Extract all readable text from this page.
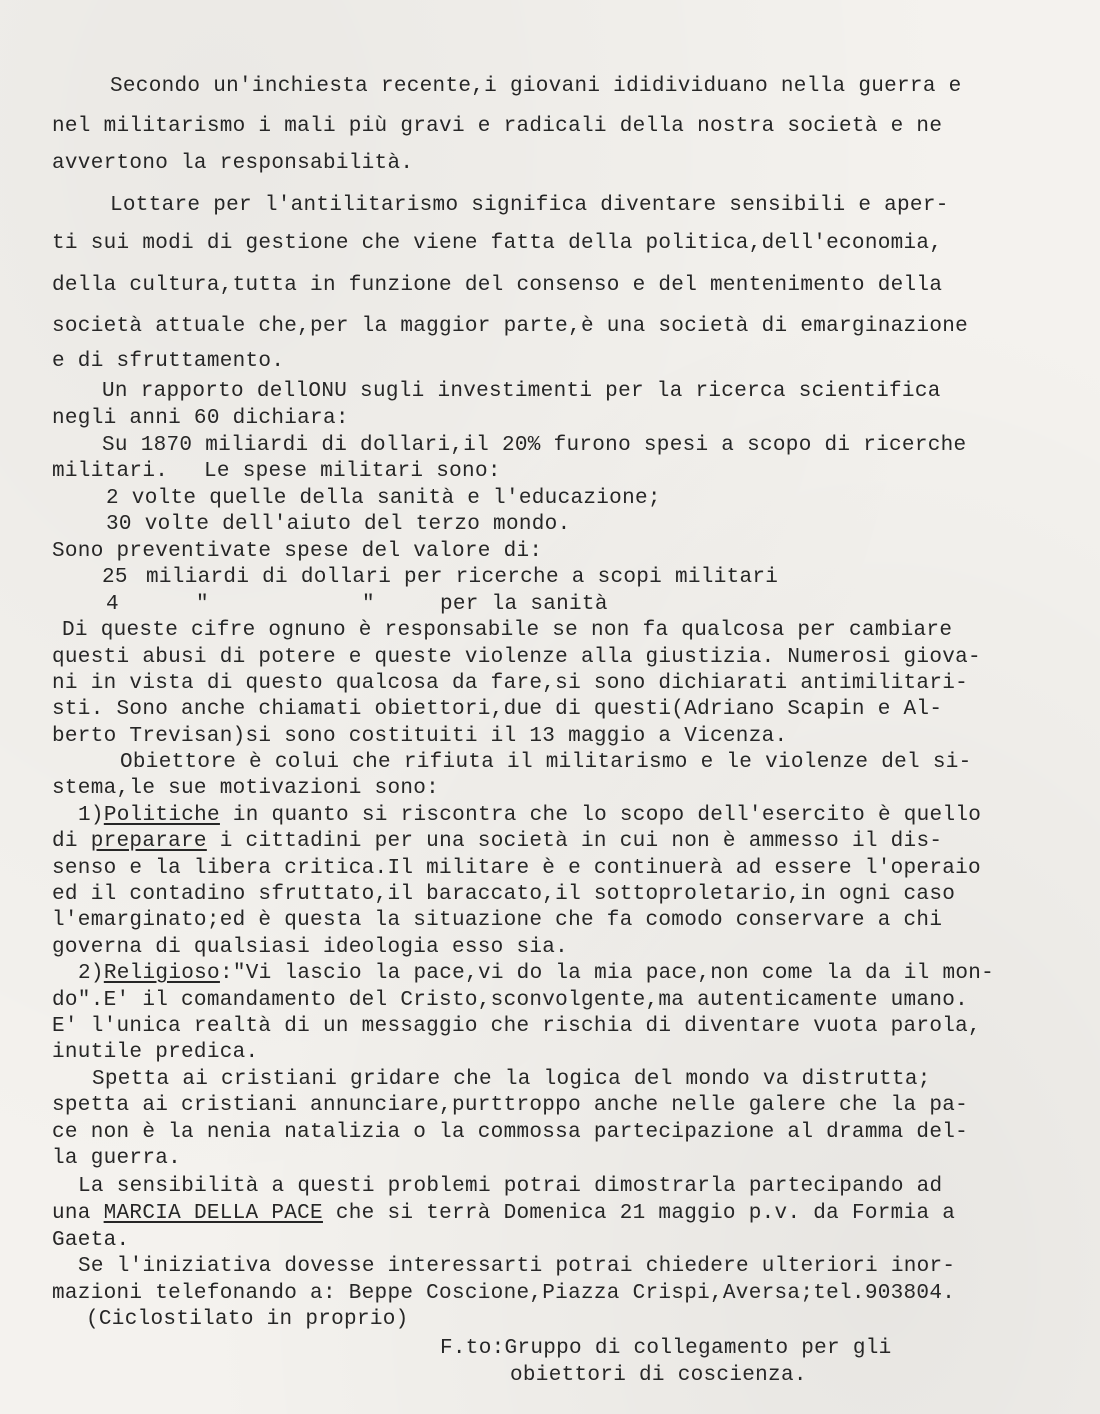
Secondo un'inchiesta recente,i giovani ididividuano nella guerra e
nel militarismo i mali più gravi e radicali della nostra società e ne
avvertono la responsabilità.
Lottare per l'antilitarismo significa diventare sensibili e aper-
ti sui modi di gestione che viene fatta della politica,dell'economia,
della cultura,tutta in funzione del consenso e del mentenimento della
società attuale che,per la maggior parte,è una società di emarginazione
e di sfruttamento.
Un rapporto dellONU sugli investimenti per la ricerca scientifica
negli anni 60 dichiara:
Su 1870 miliardi di dollari,il 20% furono spesi a scopo di ricerche
militari. Le spese militari sono:
2 volte quelle della sanità e l'educazione;
30 volte dell'aiuto del terzo mondo.
Sono preventivate spese del valore di:
25 miliardi di dollari per ricerche a scopi militari
4	"	"	per la sanità
Di queste cifre ognuno è responsabile se non fa qualcosa per cambiare
questi abusi di potere e queste violenze alla giustizia. Numerosi giova-
ni in vista di questo qualcosa da fare,si sono dichiarati antimilitari-
sti. Sono anche chiamati obiettori,due di questi(Adriano Scapin e Al-
berto Trevisan)si sono costituiti il 13 maggio a Vicenza.
Obiettore è colui che rifiuta il militarismo e le violenze del si-
stema,le sue motivazioni sono:
1)Politiche in quanto si riscontra che lo scopo dell'esercito è quello
di preparare i cittadini per una società in cui non è ammesso il dis-
senso e la libera critica.Il militare è e continuerà ad essere l'operaio
ed il contadino sfruttato,il baraccato,il sottoproletario,in ogni caso
l'emarginato;ed è questa la situazione che fa comodo conservare a chi
governa di qualsiasi ideologia esso sia.
2)Religioso:"Vi lascio la pace,vi do la mia pace,non come la da il mon-
do".E' il comandamento del Cristo,sconvolgente,ma autenticamente umano.
E' l'unica realtà di un messaggio che rischia di diventare vuota parola,
inutile predica.
Spetta ai cristiani gridare che la logica del mondo va distrutta;
spetta ai cristiani annunciare,purttroppo anche nelle galere che la pa-
ce non è la nenia natalizia o la commossa partecipazione al dramma del-
la guerra.
La sensibilità a questi problemi potrai dimostrarla partecipando ad
una MARCIA DELLA PACE che si terrà Domenica 21 maggio p.v. da Formia a
Gaeta.
Se l'iniziativa dovesse interessarti potrai chiedere ulteriori inor-
mazioni telefonando a: Beppe Coscione,Piazza Crispi,Aversa;tel.903804.
(Ciclostilato in proprio)
F.to:Gruppo di collegamento per gli
obiettori di coscienza.
